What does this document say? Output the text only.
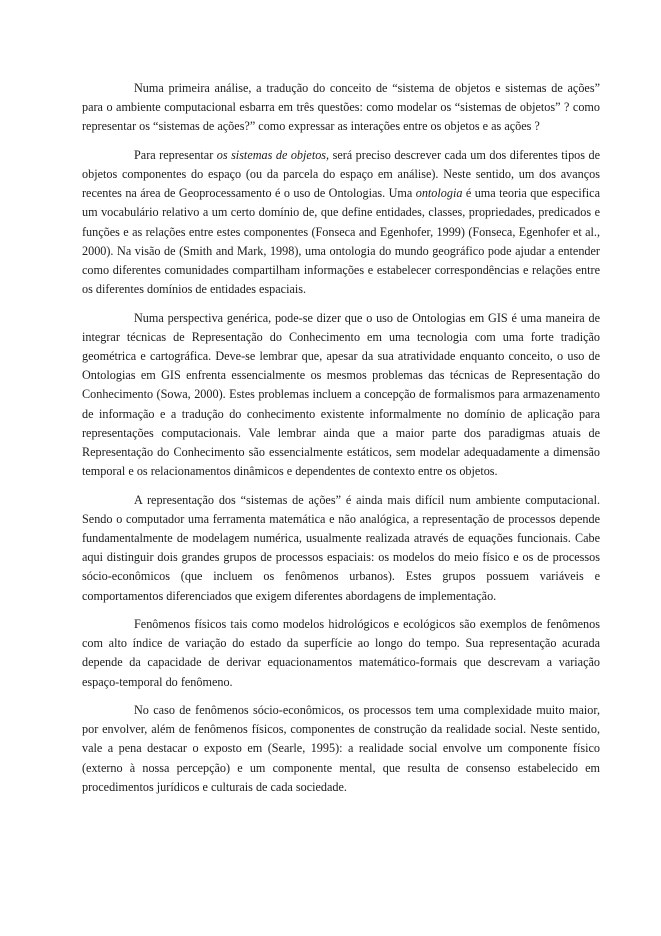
Numa primeira análise, a tradução do conceito de “sistema de objetos e sistemas de ações” para o ambiente computacional esbarra em três questões: como modelar os “sistemas de objetos” ? como representar os “sistemas de ações?” como expressar as interações entre os objetos e as ações ?

Para representar os sistemas de objetos, será preciso descrever cada um dos diferentes tipos de objetos componentes do espaço (ou da parcela do espaço em análise). Neste sentido, um dos avanços recentes na área de Geoprocessamento é o uso de Ontologias. Uma ontologia é uma teoria que especifica um vocabulário relativo a um certo domínio de, que define entidades, classes, propriedades, predicados e funções e as relações entre estes componentes (Fonseca and Egenhofer, 1999) (Fonseca, Egenhofer et al., 2000). Na visão de (Smith and Mark, 1998), uma ontologia do mundo geográfico pode ajudar a entender como diferentes comunidades compartilham informações e estabelecer correspondências e relações entre os diferentes domínios de entidades espaciais.

Numa perspectiva genérica, pode-se dizer que o uso de Ontologias em GIS é uma maneira de integrar técnicas de Representação do Conhecimento em uma tecnologia com uma forte tradição geométrica e cartográfica. Deve-se lembrar que, apesar da sua atratividade enquanto conceito, o uso de Ontologias em GIS enfrenta essencialmente os mesmos problemas das técnicas de Representação do Conhecimento (Sowa, 2000). Estes problemas incluem a concepção de formalismos para armazenamento de informação e a tradução do conhecimento existente informalmente no domínio de aplicação para representações computacionais. Vale lembrar ainda que a maior parte dos paradigmas atuais de Representação do Conhecimento são essencialmente estáticos, sem modelar adequadamente a dimensão temporal e os relacionamentos dinâmicos e dependentes de contexto entre os objetos.

A representação dos “sistemas de ações” é ainda mais difícil num ambiente computacional. Sendo o computador uma ferramenta matemática e não analógica, a representação de processos depende fundamentalmente de modelagem numérica, usualmente realizada através de equações funcionais. Cabe aqui distinguir dois grandes grupos de processos espaciais: os modelos do meio físico e os de processos sócio-econômicos (que incluem os fenômenos urbanos). Estes grupos possuem variáveis e comportamentos diferenciados que exigem diferentes abordagens de implementação.

Fenômenos físicos tais como modelos hidrológicos e ecológicos são exemplos de fenômenos com alto índice de variação do estado da superfície ao longo do tempo. Sua representação acurada depende da capacidade de derivar equacionamentos matemático-formais que descrevam a variação espaço-temporal do fenômeno.

No caso de fenômenos sócio-econômicos, os processos tem uma complexidade muito maior, por envolver, além de fenômenos físicos, componentes de construção da realidade social. Neste sentido, vale a pena destacar o exposto em (Searle, 1995): a realidade social envolve um componente físico (externo à nossa percepção) e um componente mental, que resulta de consenso estabelecido em procedimentos jurídicos e culturais de cada sociedade.
